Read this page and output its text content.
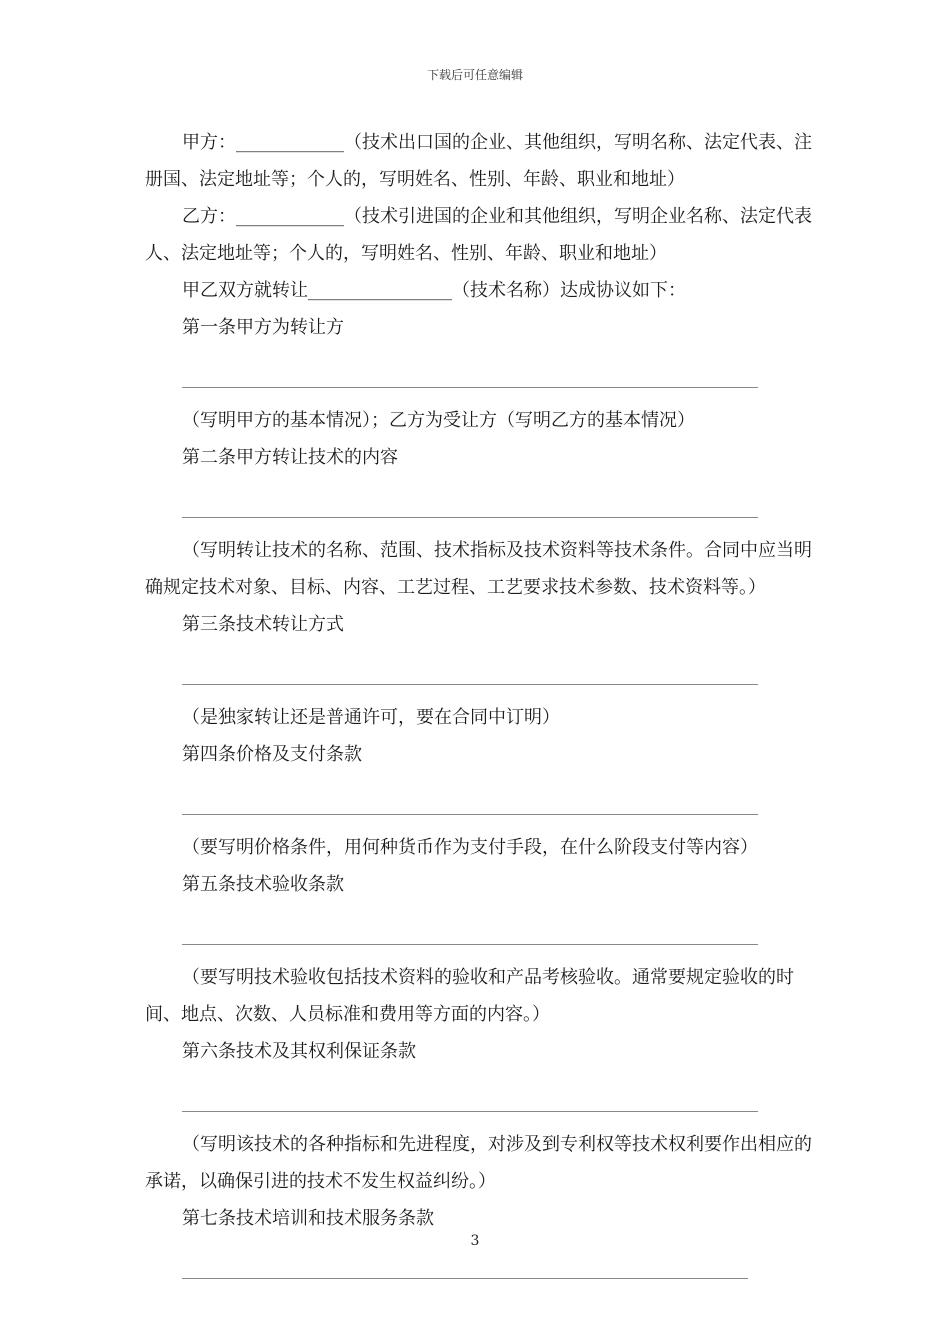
下载后可任意编辑

甲方：____________（技术出口国的企业、其他组织，写明名称、法定代表、注册国、法定地址等；个人的，写明姓名、性别、年龄、职业和地址）

乙方：____________（技术引进国的企业和其他组织，写明企业名称、法定代表人、法定地址等；个人的，写明姓名、性别、年龄、职业和地址）

甲乙双方就转让________________（技术名称）达成协议如下：

第一条甲方为转让方

（写明甲方的基本情况）；乙方为受让方（写明乙方的基本情况）

第二条甲方转让技术的内容

（写明转让技术的名称、范围、技术指标及技术资料等技术条件。合同中应当明确规定技术对象、目标、内容、工艺过程、工艺要求技术参数、技术资料等。）

第三条技术转让方式

（是独家转让还是普通许可，要在合同中订明）

第四条价格及支付条款

（要写明价格条件，用何种货币作为支付手段，在什么阶段支付等内容）

第五条技术验收条款

（要写明技术验收包括技术资料的验收和产品考核验收。通常要规定验收的时间、地点、次数、人员标准和费用等方面的内容。）

第六条技术及其权利保证条款

（写明该技术的各种指标和先进程度，对涉及到专利权等技术权利要作出相应的承诺，以确保引进的技术不发生权益纠纷。）

第七条技术培训和技术服务条款

3
